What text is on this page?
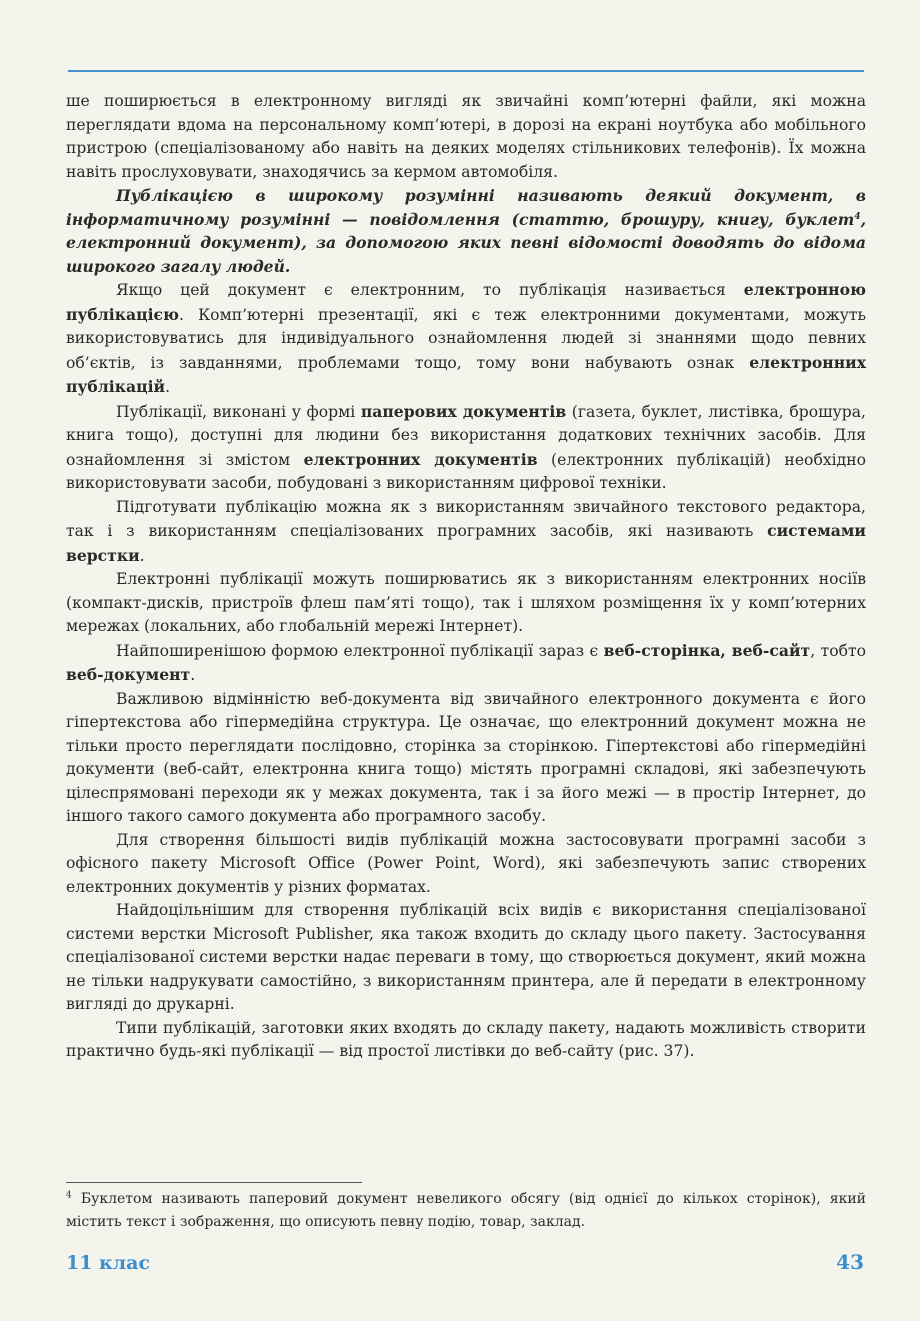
ше поширюється в електронному вигляді як звичайні комп’ютерні файли, які можна переглядати вдома на персональному комп’ютері, в дорозі на екрані ноутбука або мобільного пристрою (спеціалізованому або навіть на деяких моделях стільникових телефонів). Їх можна навіть прослуховувати, знаходячись за кермом автомобіля.

Публікацією в широкому розумінні називають деякий документ, в інформатичному розумінні — повідомлення (статтю, брошуру, книгу, буклет$^4$, електронний документ), за допомогою яких певні відомості доводять до відома широкого загалу людей.

Якщо цей документ є електронним, то публікація називається електронною публікацією. Комп’ютерні презентації, які є теж електронними документами, можуть використовуватись для індивідуального ознайомлення людей зі знаннями щодо певних об’єктів, із завданнями, проблемами тощо, тому вони набувають ознак електронних публікацій.

Публікації, виконані у формі паперових документів (газета, буклет, листівка, брошура, книга тощо), доступні для людини без використання додаткових технічних засобів. Для ознайомлення зі змістом електронних документів (електронних публікацій) необхідно використовувати засоби, побудовані з використанням цифрової техніки.

Підготувати публікацію можна як з використанням звичайного текстового редактора, так і з використанням спеціалізованих програмних засобів, які називають системами верстки.

Електронні публікації можуть поширюватись як з використанням електронних носіїв (компакт-дисків, пристроїв флеш пам’яті тощо), так і шляхом розміщення їх у комп’ютерних мережах (локальних, або глобальній мережі Інтернет).

Найпоширенішою формою електронної публікації зараз є веб-сторінка, веб-сайт, тобто веб-документ.

Важливою відмінністю веб-документа від звичайного електронного документа є його гіпертекстова або гіпермедійна структура. Це означає, що електронний документ можна не тільки просто переглядати послідовно, сторінка за сторінкою. Гіпертекстові або гіпермедійні документи (веб-сайт, електронна книга тощо) містять програмні складові, які забезпечують цілеспрямовані переходи як у межах документа, так і за його межі — в простір Інтернет, до іншого такого самого документа або програмного засобу.

Для створення більшості видів публікацій можна застосовувати програмні засоби з офісного пакету Microsoft Office (Power Point, Word), які забезпечують запис створених електронних документів у різних форматах.

Найдоцільнішим для створення публікацій всіх видів є використання спеціалізованої системи верстки Microsoft Publisher, яка також входить до складу цього пакету. Застосування спеціалізованої системи верстки надає переваги в тому, що створюється документ, який можна не тільки надрукувати самостійно, з використанням принтера, але й передати в електронному вигляді до друкарні.

Типи публікацій, заготовки яких входять до складу пакету, надають можливість створити практично будь-які публікації — від простої листівки до веб-сайту (рис. 37).

$^4$ Буклетом називають паперовий документ невеликого обсягу (від однієї до кількох сторінок), який містить текст і зображення, що описують певну подію, товар, заклад.
11 клас	43
